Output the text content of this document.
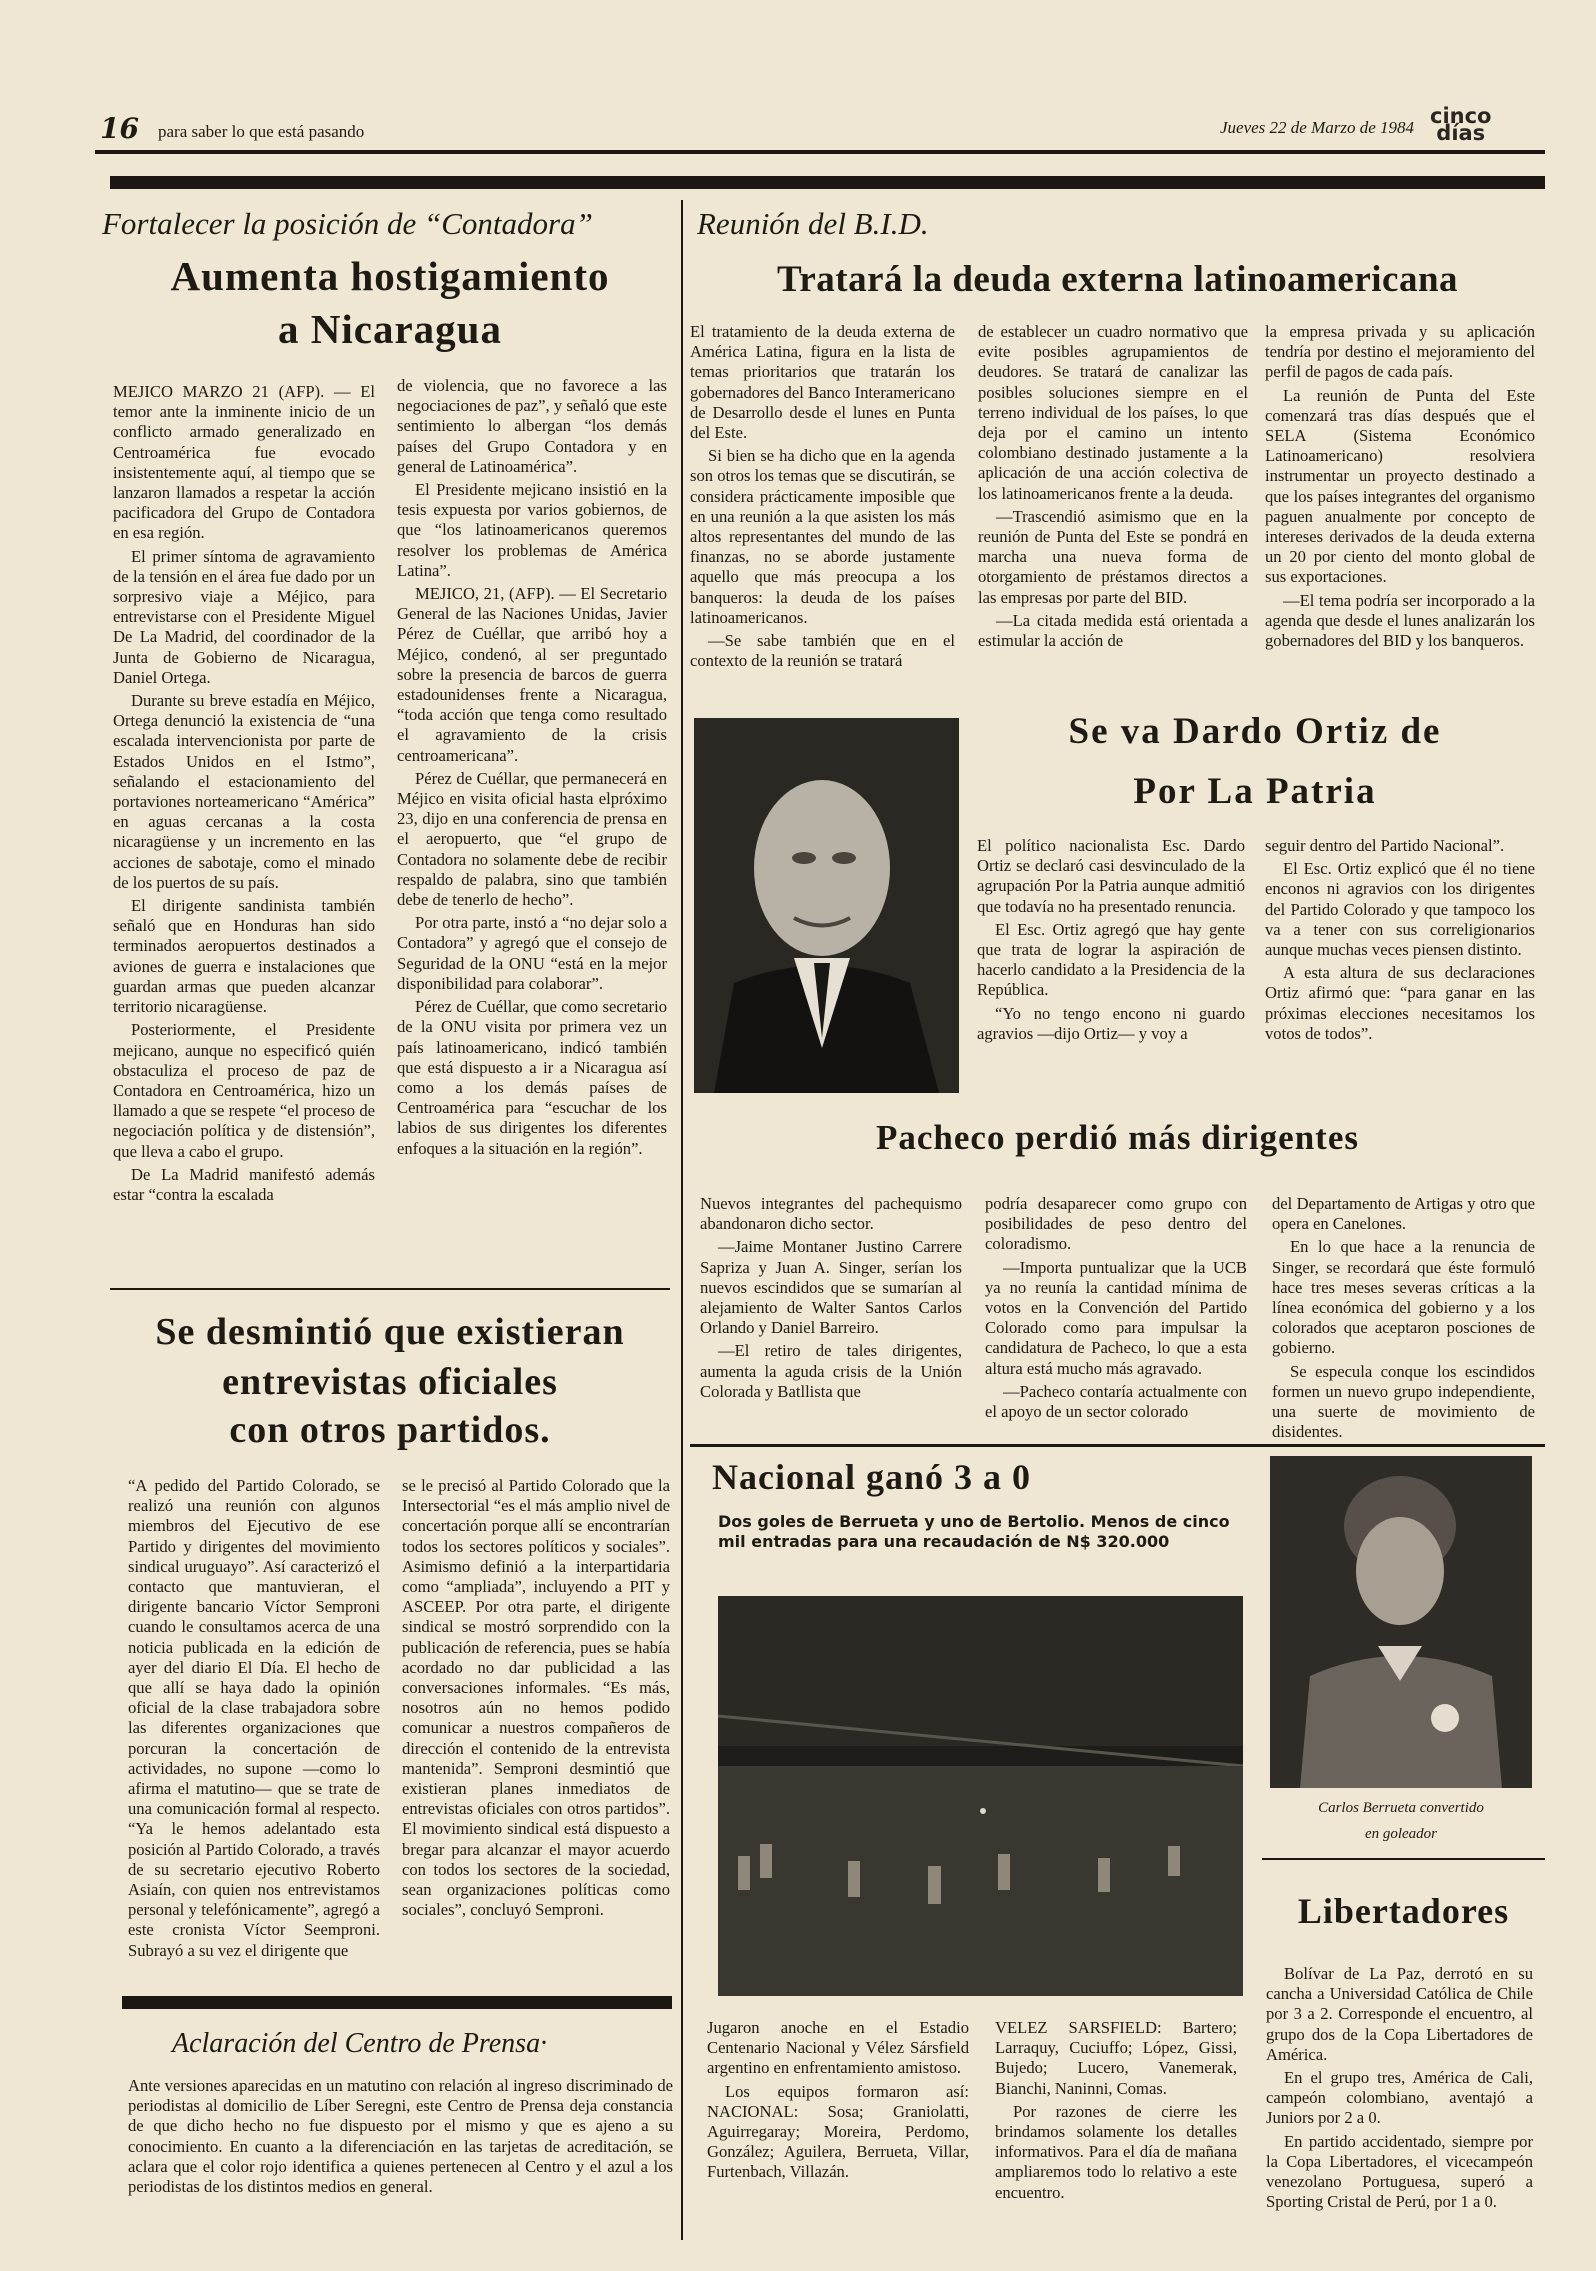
16 para saber lo que está pasando	Jueves 22 de Marzo de 1984 cinco
días
Fortalecer la posición de “Contadora”
Aumenta hostigamiento
a Nicaragua

MEJICO MARZO 21 (AFP). — El temor ante la inminente inicio de un conflicto armado generalizado en Centroamérica fue evocado insistentemente aquí, al tiempo que se lanzaron llamados a respetar la acción pacificadora del Grupo de Contadora en esa región.

El primer síntoma de agravamiento de la tensión en el área fue dado por un sorpresivo viaje a Méjico, para entrevistarse con el Presidente Miguel De La Madrid, del coordinador de la Junta de Gobierno de Nicaragua, Daniel Ortega.

Durante su breve estadía en Méjico, Ortega denunció la existencia de “una escalada intervencionista por parte de Estados Unidos en el Istmo”, señalando el estacionamiento del portaviones norteamericano “América” en aguas cercanas a la costa nicaragüense y un incremento en las acciones de sabotaje, como el minado de los puertos de su país.

El dirigente sandinista también señaló que en Honduras han sido terminados aeropuertos destinados a aviones de guerra e instalaciones que guardan armas que pueden alcanzar territorio nicaragüense.

Posteriormente, el Presidente mejicano, aunque no especificó quién obstaculiza el proceso de paz de Contadora en Centroamérica, hizo un llamado a que se respete “el proceso de negociación política y de distensión”, que lleva a cabo el grupo.

De La Madrid manifestó además estar “contra la escalada

de violencia, que no favorece a las negociaciones de paz”, y señaló que este sentimiento lo albergan “los demás países del Grupo Contadora y en general de Latinoamérica”.

El Presidente mejicano insistió en la tesis expuesta por varios gobiernos, de que “los latinoamericanos queremos resolver los problemas de América Latina”.

MEJICO, 21, (AFP). — El Secretario General de las Naciones Unidas, Javier Pérez de Cuéllar, que arribó hoy a Méjico, condenó, al ser preguntado sobre la presencia de barcos de guerra estadounidenses frente a Nicaragua, “toda acción que tenga como resultado el agravamiento de la crisis centroamericana”.

Pérez de Cuéllar, que permanecerá en Méjico en visita oficial hasta elpróximo 23, dijo en una conferencia de prensa en el aeropuerto, que “el grupo de Contadora no solamente debe de recibir respaldo de palabra, sino que también debe de tenerlo de hecho”.

Por otra parte, instó a “no dejar solo a Contadora” y agregó que el consejo de Seguridad de la ONU “está en la mejor disponibilidad para colaborar”.

Pérez de Cuéllar, que como secretario de la ONU visita por primera vez un país latinoamericano, indicó también que está dispuesto a ir a Nicaragua así como a los demás países de Centroamérica para “escuchar de los labios de sus dirigentes los diferentes enfoques a la situación en la región”.

Se desmintió que existieran
entrevistas oficiales
con otros partidos.

“A pedido del Partido Colorado, se realizó una reunión con algunos miembros del Ejecutivo de ese Partido y dirigentes del movimiento sindical uruguayo”. Así caracterizó el contacto que mantuvieran, el dirigente bancario Víctor Semproni cuando le consultamos acerca de una noticia publicada en la edición de ayer del diario El Día. El hecho de que allí se haya dado la opinión oficial de la clase trabajadora sobre las diferentes organizaciones que porcuran la concertación de actividades, no supone —como lo afirma el matutino— que se trate de una comunicación formal al respecto. “Ya le hemos adelantado esta posición al Partido Colorado, a través de su secretario ejecutivo Roberto Asiaín, con quien nos entrevistamos personal y telefónicamente”, agregó a este cronista Víctor Seemproni. Subrayó a su vez el dirigente que

se le precisó al Partido Colorado que la Intersectorial “es el más amplio nivel de concertación porque allí se encontrarían todos los sectores políticos y sociales”. Asimismo definió a la interpartidaria como “ampliada”, incluyendo a PIT y ASCEEP. Por otra parte, el dirigente sindical se mostró sorprendido con la publicación de referencia, pues se había acordado no dar publicidad a las conversaciones informales. “Es más, nosotros aún no hemos podido comunicar a nuestros compañeros de dirección el contenido de la entrevista mantenida”. Semproni desmintió que existieran planes inmediatos de entrevistas oficiales con otros partidos”. El movimiento sindical está dispuesto a bregar para alcanzar el mayor acuerdo con todos los sectores de la sociedad, sean organizaciones políticas como sociales”, concluyó Semproni.

Aclaración del Centro de Prensa·

Ante versiones aparecidas en un matutino con relación al ingreso discriminado de periodistas al domicilio de Líber Seregni, este Centro de Prensa deja constancia de que dicho hecho no fue dispuesto por el mismo y que es ajeno a su conocimiento. En cuanto a la diferenciación en las tarjetas de acreditación, se aclara que el color rojo identifica a quienes pertenecen al Centro y el azul a los periodistas de los distintos medios en general.

Reunión del B.I.D.
Tratará la deuda externa latinoamericana

El tratamiento de la deuda externa de América Latina, figura en la lista de temas prioritarios que tratarán los gobernadores del Banco Interamericano de Desarrollo desde el lunes en Punta del Este.

Si bien se ha dicho que en la agenda son otros los temas que se discutirán, se considera prácticamente imposible que en una reunión a la que asisten los más altos representantes del mundo de las finanzas, no se aborde justamente aquello que más preocupa a los banqueros: la deuda de los países latinoamericanos.

—Se sabe también que en el contexto de la reunión se tratará

de establecer un cuadro normativo que evite posibles agrupamientos de deudores. Se tratará de canalizar las posibles soluciones siempre en el terreno individual de los países, lo que deja por el camino un intento colombiano destinado justamente a la aplicación de una acción colectiva de los latinoamericanos frente a la deuda.

—Trascendió asimismo que en la reunión de Punta del Este se pondrá en marcha una nueva forma de otorgamiento de préstamos directos a las empresas por parte del BID.

—La citada medida está orientada a estimular la acción de

la empresa privada y su aplicación tendría por destino el mejoramiento del perfil de pagos de cada país.

La reunión de Punta del Este comenzará tras días después que el SELA (Sistema Económico Latinoamericano) resolviera instrumentar un proyecto destinado a que los países integrantes del organismo paguen anualmente por concepto de intereses derivados de la deuda externa un 20 por ciento del monto global de sus exportaciones.

—El tema podría ser incorporado a la agenda que desde el lunes analizarán los gobernadores del BID y los banqueros.

Se va Dardo Ortiz de
Por La Patria

El político nacionalista Esc. Dardo Ortiz se declaró casi desvinculado de la agrupación Por la Patria aunque admitió que todavía no ha presentado renuncia.

El Esc. Ortiz agregó que hay gente que trata de lograr la aspiración de hacerlo candidato a la Presidencia de la República.

“Yo no tengo encono ni guardo agravios —dijo Ortiz— y voy a

seguir dentro del Partido Nacional”.

El Esc. Ortiz explicó que él no tiene enconos ni agravios con los dirigentes del Partido Colorado y que tampoco los va a tener con sus correligionarios aunque muchas veces piensen distinto.

A esta altura de sus declaraciones Ortiz afirmó que: “para ganar en las próximas elecciones necesitamos los votos de todos”.

Pacheco perdió más dirigentes

Nuevos integrantes del pachequismo abandonaron dicho sector.

—Jaime Montaner Justino Carrere Sapriza y Juan A. Singer, serían los nuevos escindidos que se sumarían al alejamiento de Walter Santos Carlos Orlando y Daniel Barreiro.

—El retiro de tales dirigentes, aumenta la aguda crisis de la Unión Colorada y Batllista que

podría desaparecer como grupo con posibilidades de peso dentro del coloradismo.

—Importa puntualizar que la UCB ya no reunía la cantidad mínima de votos en la Convención del Partido Colorado como para impulsar la candidatura de Pacheco, lo que a esta altura está mucho más agravado.

—Pacheco contaría actualmente con el apoyo de un sector colorado

del Departamento de Artigas y otro que opera en Canelones.

En lo que hace a la renuncia de Singer, se recordará que éste formuló hace tres meses severas críticas a la línea económica del gobierno y a los colorados que aceptaron posciones de gobierno.

Se especula conque los escindidos formen un nuevo grupo independiente, una suerte de movimiento de disidentes.

Nacional ganó 3 a 0
Dos goles de Berrueta y uno de Bertolio. Menos de cinco mil entradas para una recaudación de N$ 320.000

Jugaron anoche en el Estadio Centenario Nacional y Vélez Sársfield argentino en enfrentamiento amistoso.

Los equipos formaron así: NACIONAL: Sosa; Graniolatti, Aguirregaray; Moreira, Perdomo, González; Aguilera, Berrueta, Villar, Furtenbach, Villazán.

VELEZ SARSFIELD: Bartero; Larraquy, Cuciuffo; López, Gissi, Bujedo; Lucero, Vanemerak, Bianchi, Naninni, Comas.

Por razones de cierre les brindamos solamente los detalles informativos. Para el día de mañana ampliaremos todo lo relativo a este encuentro.

Carlos Berrueta convertido
en goleador
Libertadores

Bolívar de La Paz, derrotó en su cancha a Universidad Católica de Chile por 3 a 2. Corresponde el encuentro, al grupo dos de la Copa Libertadores de América.

En el grupo tres, América de Cali, campeón colombiano, aventajó a Juniors por 2 a 0.

En partido accidentado, siempre por la Copa Libertadores, el vicecampeón venezolano Portuguesa, superó a Sporting Cristal de Perú, por 1 a 0.
